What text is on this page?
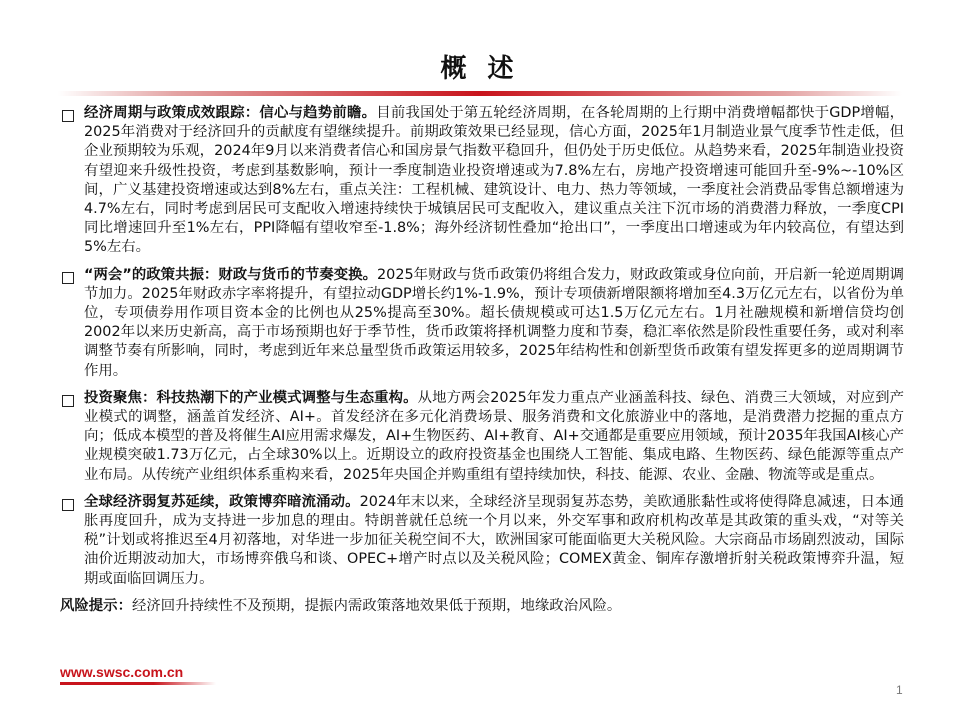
概 述

经济周期与政策成效跟踪：信心与趋势前瞻。目前我国处于第五轮经济周期，在各轮周期的上行期中消费增幅都快于GDP增幅，2025年消费对于经济回升的贡献度有望继续提升。前期政策效果已经显现，信心方面，2025年1月制造业景气度季节性走低，但企业预期较为乐观，2024年9月以来消费者信心和国房景气指数平稳回升，但仍处于历史低位。从趋势来看，2025年制造业投资有望迎来升级性投资，考虑到基数影响，预计一季度制造业投资增速或为7.8%左右，房地产投资增速可能回升至-9%~-10%区间，广义基建投资增速或达到8%左右，重点关注：工程机械、建筑设计、电力、热力等领域，一季度社会消费品零售总额增速为4.7%左右，同时考虑到居民可支配收入增速持续快于城镇居民可支配收入，建议重点关注下沉市场的消费潜力释放，一季度CPI同比增速回升至1%左右，PPI降幅有望收窄至-1.8%；海外经济韧性叠加“抢出口”，一季度出口增速或为年内较高位，有望达到5%左右。

“两会”的政策共振：财政与货币的节奏变换。2025年财政与货币政策仍将组合发力，财政政策或身位向前，开启新一轮逆周期调节加力。2025年财政赤字率将提升，有望拉动GDP增长约1%-1.9%，预计专项债新增限额将增加至4.3万亿元左右，以省份为单位，专项债券用作项目资本金的比例也从25%提高至30%。超长债规模或可达1.5万亿元左右。1月社融规模和新增信贷均创2002年以来历史新高，高于市场预期也好于季节性，货币政策将择机调整力度和节奏，稳汇率依然是阶段性重要任务，或对利率调整节奏有所影响，同时，考虑到近年来总量型货币政策运用较多，2025年结构性和创新型货币政策有望发挥更多的逆周期调节作用。

投资聚焦：科技热潮下的产业模式调整与生态重构。从地方两会2025年发力重点产业涵盖科技、绿色、消费三大领域，对应到产业模式的调整，涵盖首发经济、AI+。首发经济在多元化消费场景、服务消费和文化旅游业中的落地，是消费潜力挖掘的重点方向；低成本模型的普及将催生AI应用需求爆发，AI+生物医药、AI+教育、AI+交通都是重要应用领域，预计2035年我国AI核心产业规模突破1.73万亿元，占全球30%以上。近期设立的政府投资基金也围绕人工智能、集成电路、生物医药、绿色能源等重点产业布局。从传统产业组织体系重构来看，2025年央国企并购重组有望持续加快，科技、能源、农业、金融、物流等或是重点。

全球经济弱复苏延续，政策博弈暗流涌动。2024年末以来，全球经济呈现弱复苏态势，美欧通胀黏性或将使得降息减速，日本通胀再度回升，成为支持进一步加息的理由。特朗普就任总统一个月以来，外交军事和政府机构改革是其政策的重头戏，“对等关税”计划或将推迟至4月初落地，对华进一步加征关税空间不大，欧洲国家可能面临更大关税风险。大宗商品市场剧烈波动，国际油价近期波动加大，市场博弈俄乌和谈、OPEC+增产时点以及关税风险；COMEX黄金、铜库存激增折射关税政策博弈升温，短期或面临回调压力。

风险提示：经济回升持续性不及预期，提振内需政策落地效果低于预期，地缘政治风险。
www.swsc.com.cn
1
